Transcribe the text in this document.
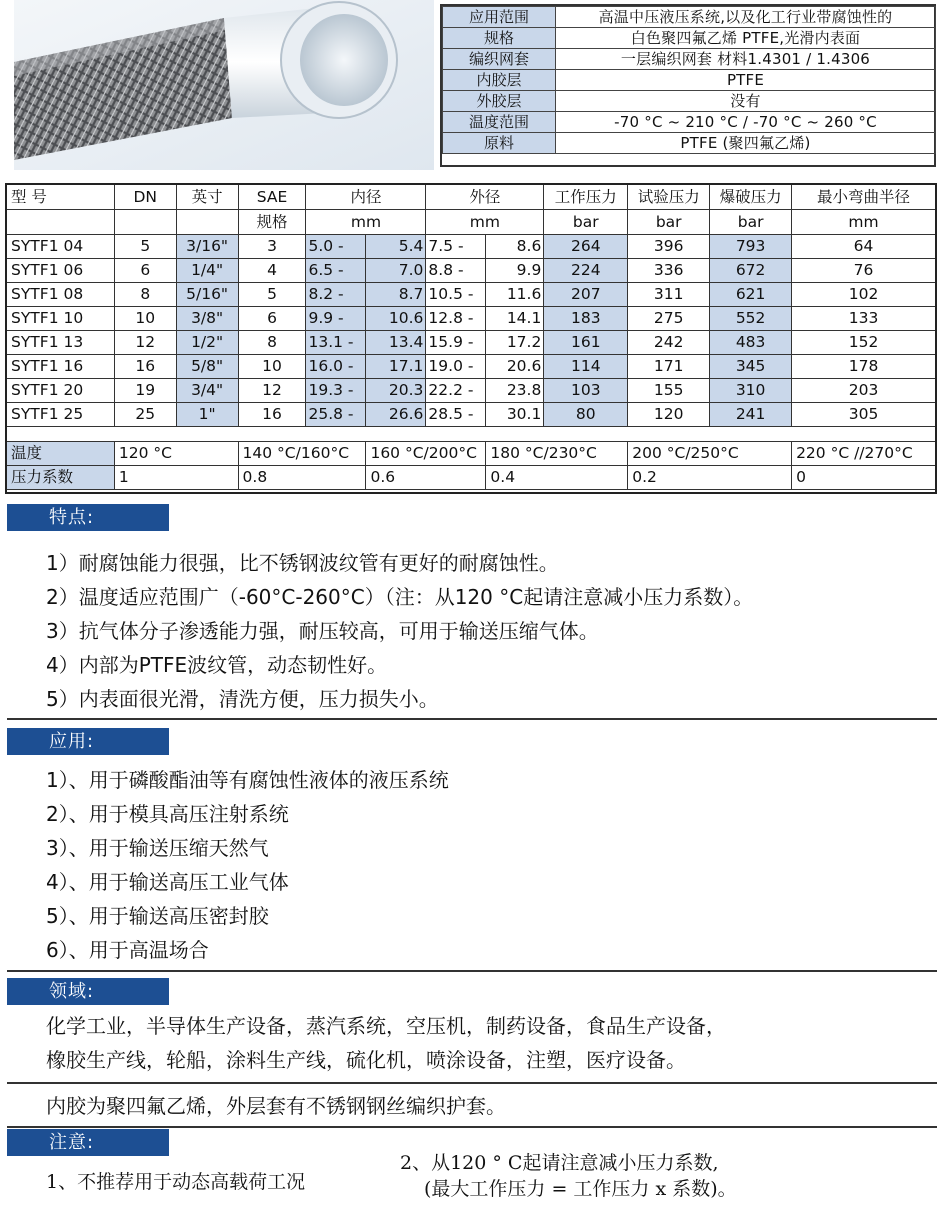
应用范围	高温中压液压系统,以及化工行业带腐蚀性的
规格	白色聚四氟乙烯 PTFE,光滑内表面
编织网套	一层编织网套 材料1.4301 / 1.4306
内胶层	PTFE
外胶层	没有
温度范围	-70 °C ~ 210 °C / -70 °C ~ 260 °C
原料	PTFE (聚四氟乙烯)
型 号	DN	英寸	SAE	内径		外径		工作压力	试验压力	爆破压力	最小弯曲半径
			规格	mm		mm		bar	bar	bar	mm
SYTF1 04	5	3/16"	3	5.0 -	5.4	7.5 -	8.6	264	396	793	64
SYTF1 06	6	1/4"	4	6.5 -	7.0	8.8 -	9.9	224	336	672	76
SYTF1 08	8	5/16"	5	8.2 -	8.7	10.5 -	11.6	207	311	621	102
SYTF1 10	10	3/8"	6	9.9 -	10.6	12.8 -	14.1	183	275	552	133
SYTF1 13	12	1/2"	8	13.1 -	13.4	15.9 -	17.2	161	242	483	152
SYTF1 16	16	5/8"	10	16.0 -	17.1	19.0 -	20.6	114	171	345	178
SYTF1 20	19	3/4"	12	19.3 -	20.3	22.2 -	23.8	103	155	310	203
SYTF1 25	25	1"	16	25.8 -	26.6	28.5 -	30.1	80	120	241	305

温度	120 °C		140 °C/160°C		160 °C/200°C		180 °C/230°C		200 °C/250°C		220 °C //270°C
压力系数	1		0.8		0.6		0.4		0.2		0
特点:
1）耐腐蚀能力很强，比不锈钢波纹管有更好的耐腐蚀性。
2）温度适应范围广（-60°C-260°C）（注：从120 °C起请注意减小压力系数）。
3）抗气体分子渗透能力强，耐压较高，可用于输送压缩气体。
4）内部为PTFE波纹管，动态韧性好。
5）内表面很光滑，清洗方便，压力损失小。
应用:
1）、用于磷酸酯油等有腐蚀性液体的液压系统
2）、用于模具高压注射系统
3）、用于输送压缩天然气
4）、用于输送高压工业气体
5）、用于输送高压密封胶
6）、用于高温场合
领域:
化学工业，半导体生产设备，蒸汽系统，空压机，制药设备，食品生产设备，
橡胶生产线，轮船，涂料生产线，硫化机，喷涂设备，注塑，医疗设备。
内胶为聚四氟乙烯，外层套有不锈钢钢丝编织护套。
注意:
1、不推荐用于动态高载荷工况
2、从120 ° C起请注意减小压力系数,
(最大工作压力 = 工作压力 x 系数)。
